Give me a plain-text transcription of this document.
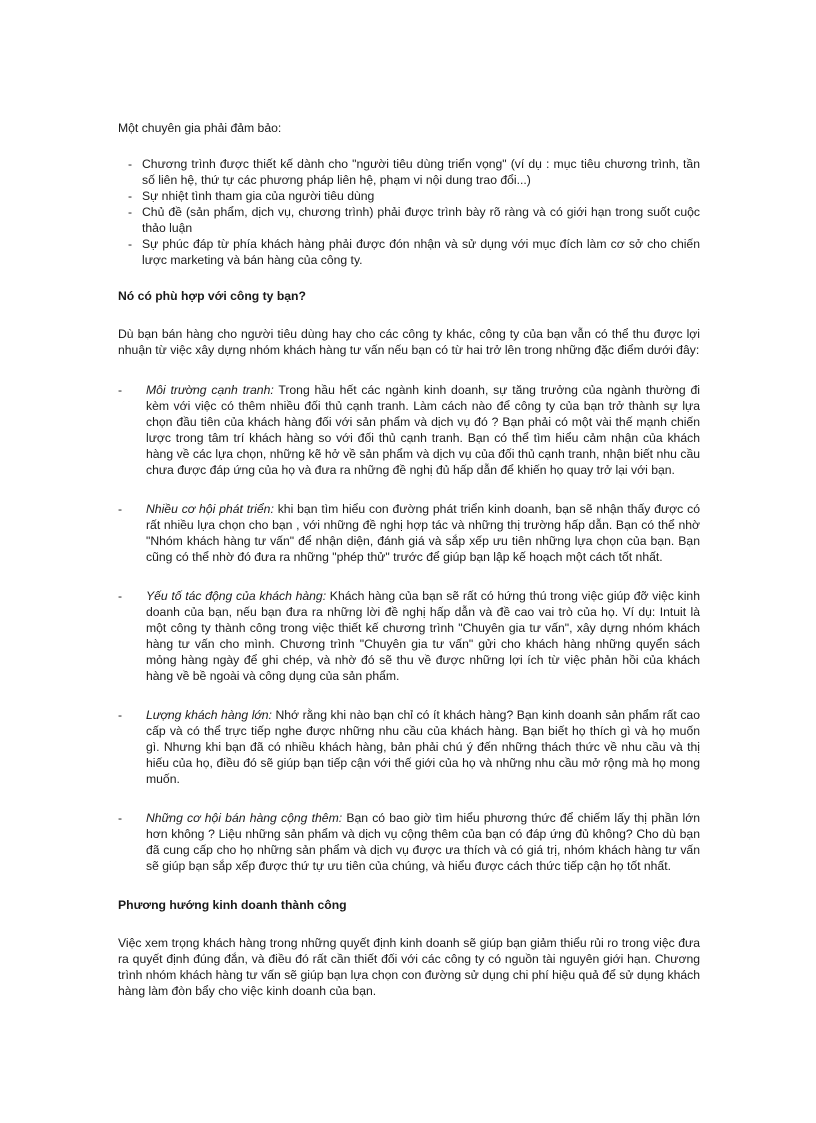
Một chuyên gia phải đảm bảo:

- Chương trình được thiết kế dành cho "người tiêu dùng triển vọng" (ví dụ : mục tiêu chương trình, tần số liên hệ, thứ tự các phương pháp liên hệ, phạm vi nội dung trao đổi...)
- Sự nhiệt tình tham gia của người tiêu dùng
- Chủ đề (sản phẩm, dịch vụ, chương trình) phải được trình bày rõ ràng và có giới hạn trong suốt cuộc thảo luận
- Sự phúc đáp từ phía khách hàng phải được đón nhận và sử dụng với mục đích làm cơ sở cho chiến lược marketing và bán hàng của công ty.

Nó có phù hợp với công ty bạn?

Dù bạn bán hàng cho người tiêu dùng hay cho các công ty khác, công ty của bạn vẫn có thể thu được lợi nhuận từ việc xây dựng nhóm khách hàng tư vấn nếu bạn có từ hai trở lên trong những đặc điểm dưới đây:

- Môi trường cạnh tranh: Trong hầu hết các ngành kinh doanh, sự tăng trưởng của ngành thường đi kèm với việc có thêm nhiều đối thủ cạnh tranh. Làm cách nào để công ty của bạn trở thành sự lựa chọn đầu tiên của khách hàng đối với sản phẩm và dịch vụ đó ? Bạn phải có một vài thế mạnh chiến lược trong tâm trí khách hàng so với đối thủ cạnh tranh. Bạn có thể tìm hiểu cảm nhận của khách hàng về các lựa chọn, những kẽ hở về sản phẩm và dịch vụ của đối thủ cạnh tranh, nhận biết nhu cầu chưa được đáp ứng của họ và đưa ra những đề nghị đủ hấp dẫn để khiến họ quay trở lại với bạn.
- Nhiều cơ hội phát triển: khi bạn tìm hiểu con đường phát triển kinh doanh, bạn sẽ nhận thấy được có rất nhiều lựa chọn cho bạn , với những đề nghị hợp tác và những thị trường hấp dẫn. Bạn có thể nhờ "Nhóm khách hàng tư vấn" để nhận diện, đánh giá và sắp xếp ưu tiên những lựa chọn của bạn. Bạn cũng có thể nhờ đó đưa ra những "phép thử" trước để giúp bạn lập kế hoạch một cách tốt nhất.
- Yếu tố tác động của khách hàng: Khách hàng của bạn sẽ rất có hứng thú trong việc giúp đỡ việc kinh doanh của bạn, nếu bạn đưa ra những lời đề nghị hấp dẫn và đề cao vai trò của họ. Ví dụ: Intuit là một công ty thành công trong việc thiết kế chương trình "Chuyên gia tư vấn", xây dựng nhóm khách hàng tư vấn cho mình. Chương trình "Chuyên gia tư vấn" gửi cho khách hàng những quyển sách mỏng hàng ngày để ghi chép, và nhờ đó sẽ thu về được những lợi ích từ việc phản hồi của khách hàng về bề ngoài và công dụng của sản phẩm.
- Lượng khách hàng lớn: Nhớ rằng khi nào bạn chỉ có ít khách hàng? Bạn kinh doanh sản phẩm rất cao cấp và có thể trực tiếp nghe được những nhu cầu của khách hàng. Bạn biết họ thích gì và họ muốn gì. Nhưng khi bạn đã có nhiều khách hàng, bản phải chú ý đến những thách thức về nhu cầu và thị hiếu của họ, điều đó sẽ giúp bạn tiếp cận với thế giới của họ và những nhu cầu mở rộng mà họ mong muốn.
- Những cơ hội bán hàng cộng thêm: Bạn có bao giờ tìm hiểu phương thức để chiếm lấy thị phần lớn hơn không ? Liệu những sản phẩm và dịch vụ cộng thêm của bạn có đáp ứng đủ không? Cho dù bạn đã cung cấp cho họ những sản phẩm và dịch vụ được ưa thích và có giá trị, nhóm khách hàng tư vấn sẽ giúp bạn sắp xếp được thứ tự ưu tiên của chúng, và hiểu được cách thức tiếp cận họ tốt nhất.

Phương hướng kinh doanh thành công

Việc xem trọng khách hàng trong những quyết định kinh doanh sẽ giúp bạn giảm thiểu rủi ro trong việc đưa ra quyết định đúng đắn, và điều đó rất cần thiết đối với các công ty có nguồn tài nguyên giới hạn. Chương trình nhóm khách hàng tư vấn sẽ giúp bạn lựa chọn con đường sử dụng chi phí hiệu quả để sử dụng khách hàng làm đòn bẩy cho việc kinh doanh của bạn.
